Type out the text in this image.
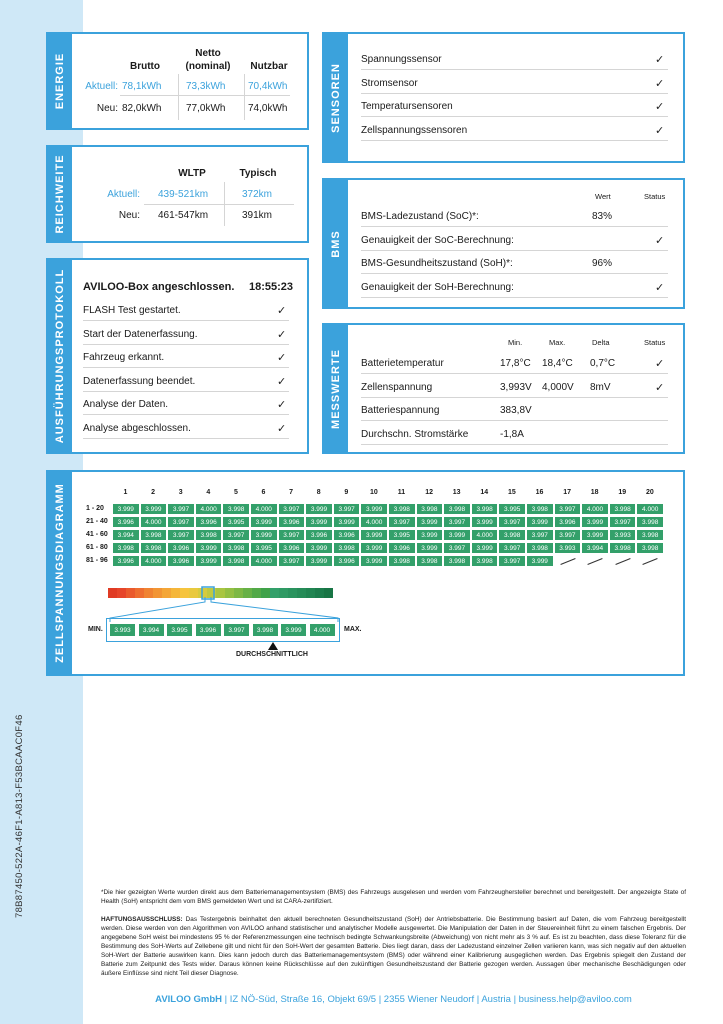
78B87450-522A-46F1-A813-F53BCAAC0F46
ENERGIE	Brutto
Netto
(nominal)	Nutzbar
Aktuell: 78,1kWh 73,3kWh 70,4kWh
Neu: 82,0kWh 77,0kWh 74,0kWh	SENSOREN
Spannungssensor	✓
Stromsensor	✓
Temperatursensoren	✓
Zellspannungssensoren	✓
REICHWEITE	WLTP	Typisch
Aktuell: 439-521km	372km
Neu: 461-547km	391km
BMS
Wert	Status
BMS-Ladezustand (SoC)*:	83%
Genauigkeit der SoC-Berechnung:	✓
BMS-Gesundheitszustand (SoH)*:	96%
Genauigkeit der SoH-Berechnung:	✓
AUSFÜHRUNGSPROTOKOLL AVILOO-Box angeschlossen. 18:55:23
FLASH Test gestartet.	✓
Start der Datenerfassung.	✓
Fahrzeug erkannt.	✓
Datenerfassung beendet.	✓
Analyse der Daten.	✓
Analyse abgeschlossen.	✓
MESSWERTE
Min.	Max.	Delta	Status
Batterietemperatur	17,8°C 18,4°C 0,7°C	✓
Zellenspannung	3,993V 4,000V 8mV	✓
Batteriespannung	383,8V
Durchschn. Stromstärke	-1,8A
ZELLSPANNUNGSDIAGRAMM	1	2	3	4	5	6	7	8	9	10	11	12	13	14	15	16	17	18	19	20
1 - 20	3.999	3.999	3.997	4.000	3.998	4.000	3.997	3.999	3.997	3.999	3.998	3.998	3.998	3.998	3.995	3.998	3.997	4.000	3.998	4.000
21 - 40	3.996	4.000	3.997	3.996	3.995	3.999	3.996	3.999	3.999	4.000	3.997	3.999	3.997	3.999	3.997	3.999	3.996	3.999	3.997	3.998
41 - 60	3.994	3.998	3.997	3.998	3.997	3.999	3.997	3.996	3.996	3.999	3.995	3.999	3.999	4.000	3.998	3.997	3.997	3.999	3.993	3.998
61 - 80	3.998	3.998	3.996	3.999	3.998	3.995	3.996	3.999	3.998	3.999	3.996	3.999	3.997	3.999	3.997	3.998	3.993	3.994	3.998	3.998
81 - 96	3.996	4.000	3.996	3.999	3.998	4.000	3.997	3.999	3.996	3.999	3.998	3.998	3.998	3.998	3.997	3.999
MIN.	3.993	3.994	3.995	3.996	3.997	3.998	3.999	4.000	MAX.
DURCHSCHNITTLICH
*Die hier gezeigten Werte wurden direkt aus dem Batteriemanagementsystem (BMS) des Fahrzeugs ausgelesen und werden vom Fahrzeughersteller berechnet und bereitgestellt. Der angezeigte State of Health (SoH) entspricht dem vom BMS gemeldeten Wert und ist CARA-zertifiziert.
HAFTUNGSAUSSCHLUSS: Das Testergebnis beinhaltet den aktuell berechneten Gesundheitszustand (SoH) der Antriebsbatterie. Die Bestimmung basiert auf Daten, die vom Fahrzeug bereitgestellt werden. Diese werden von den Algorithmen von AVILOO anhand statistischer und analytischer Modelle ausgewertet. Die Manipulation der Daten in der Steuereinheit führt zu einem falschen Ergebnis. Der angegebene SoH weist bei mindestens 95 % der Referenzmessungen eine technisch bedingte Schwankungsbreite (Abweichung) von nicht mehr als 3 % auf. Es ist zu beachten, dass diese Toleranz für die Bestimmung des SoH-Werts auf Zellebene gilt und nicht für den SoH-Wert der gesamten Batterie. Dies liegt daran, dass der Ladezustand einzelner Zellen variieren kann, was sich negativ auf den aktuellen SoH-Wert der Batterie auswirken kann. Dies kann jedoch durch das Batteriemanagementsystem (BMS) oder während einer Kalibrierung ausgeglichen werden. Das Ergebnis spiegelt den Zustand der Batterie zum Zeitpunkt des Tests wider. Daraus können keine Rückschlüsse auf den zukünftigen Gesundheitszustand der Batterie gezogen werden. Aussagen über mechanische Beschädigungen oder äußere Einflüsse sind nicht Teil dieser Diagnose.
AVILOO GmbH | IZ NÖ-Süd, Straße 16, Objekt 69/5 | 2355 Wiener Neudorf | Austria | business.help@aviloo.com
